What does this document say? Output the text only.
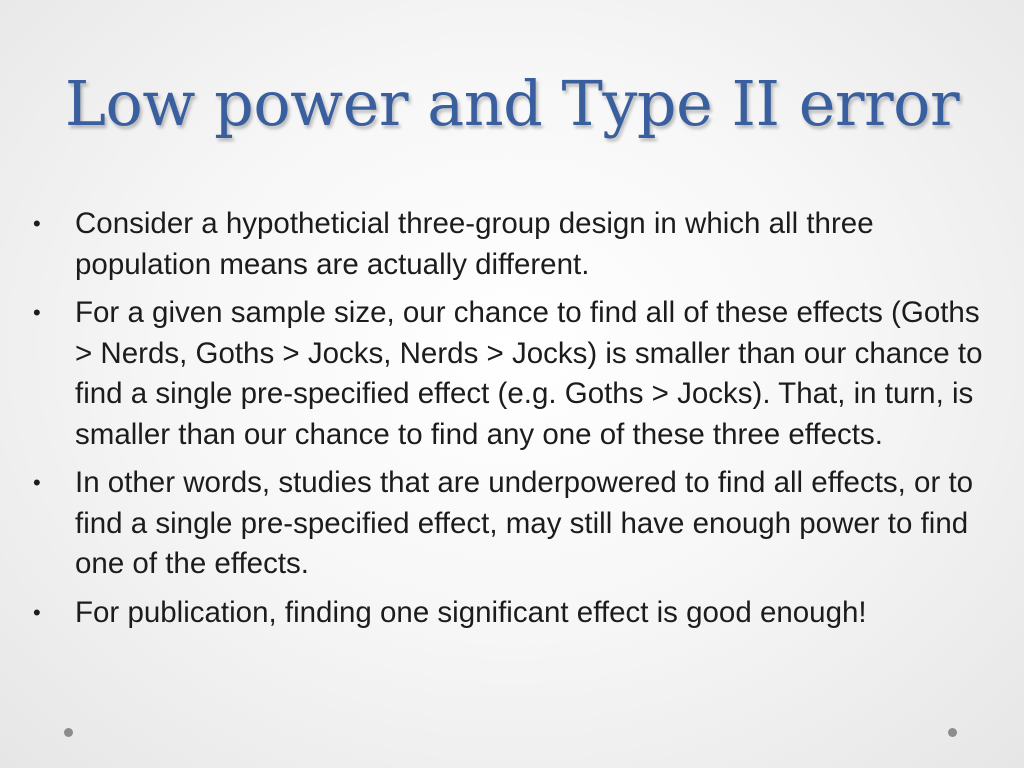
Low power and Type II error
• Consider a hypotheticial three-group design in which all three population means are actually different.
• For a given sample size, our chance to find all of these effects (Goths > Nerds, Goths > Jocks, Nerds > Jocks) is smaller than our chance to find a single pre-specified effect (e.g. Goths > Jocks). That, in turn, is smaller than our chance to find any one of these three effects.
• In other words, studies that are underpowered to find all effects, or to find a single pre-specified effect, may still have enough power to find one of the effects.
• For publication, finding one significant effect is good enough!
